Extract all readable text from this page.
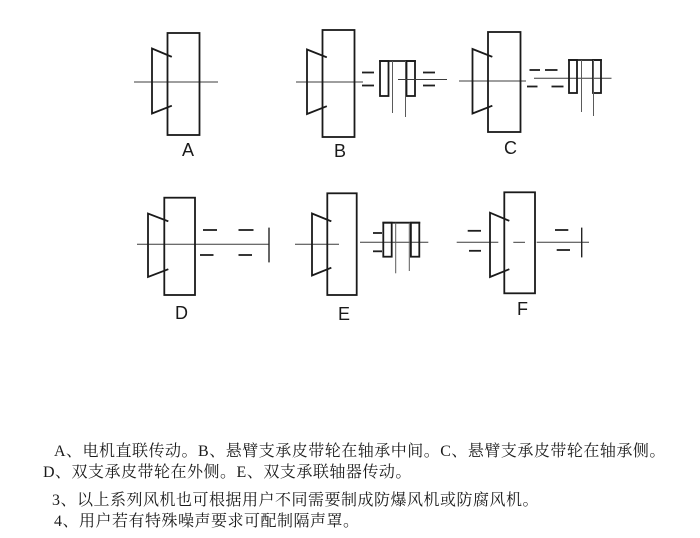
A	B	C
D	E	F
A、电机直联传动。B、悬臂支承皮带轮在轴承中间。C、悬臂支承皮带轮在轴承侧。
D、双支承皮带轮在外侧。E、双支承联轴器传动。
3、以上系列风机也可根据用户不同需要制成防爆风机或防腐风机。
4、用户若有特殊噪声要求可配制隔声罩。
